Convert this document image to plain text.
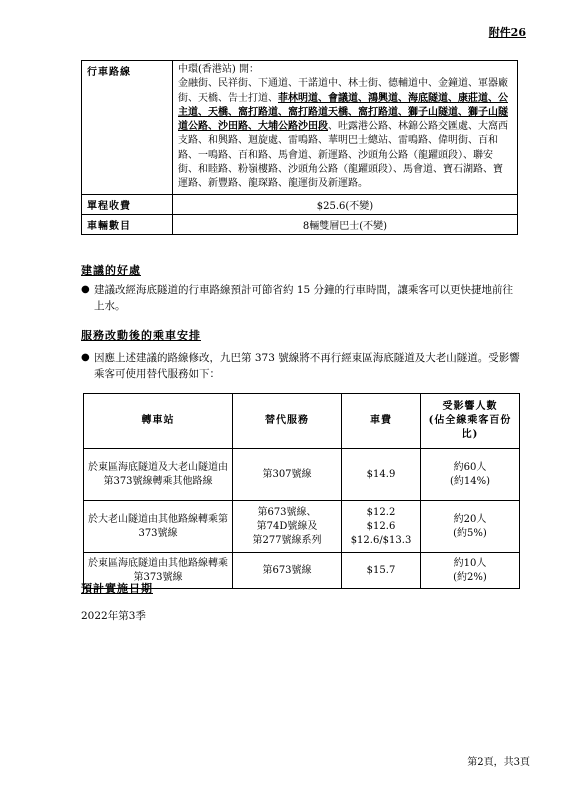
附件26
行車路線	中環(香港站) 開：
金融街、民祥街、下通道、干諾道中、林士街、德輔道中、金鐘道、軍器廠街、天橋、告士打道、菲林明道、會議道、鴻興道、海底隧道、康莊道、公主道、天橋、窩打路道、窩打路道天橋、窩打路道、獅子山隧道、獅子山隧道公路、沙田路、大埔公路沙田段、吐露港公路、林錦公路交匯處、大窩西支路、和興路、迴旋處、雷鳴路、華明巴士總站、雷鳴路、偉明街、百和路、一鳴路、百和路、馬會道、新運路、沙頭角公路（龍躍頭段）、聯安街、和睦路、粉嶺樓路、沙頭角公路（龍躍頭段）、馬會道、寶石湖路、寶運路、新豐路、龍琛路、龍運街及新運路。
單程收費	$25.6(不變)
車輛數目	8輛雙層巴士(不變)
建議的好處
● 建議改經海底隧道的行車路線預計可節省約 15 分鐘的行車時間，讓乘客可以更快捷地前往上水。
服務改動後的乘車安排
● 因應上述建議的路線修改，九巴第 373 號線將不再行經東區海底隧道及大老山隧道。受影響乘客可使用替代服務如下：
轉車站	替代服務	車費	受影響人數
(佔全線乘客百份比)
於東區海底隧道及大老山隧道由第373號線轉乘其他路線	第307號線	$14.9	約60人
(約14%)
於大老山隧道由其他路線轉乘第373號線	第673號線、
第74D號線及
第277號線系列	$12.2
$12.6
$12.6/$13.3	約20人
(約5%)
於東區海底隧道由其他路線轉乘第373號線	第673號線	$15.7	約10人
(約2%)
預計實施日期
2022年第3季
第2頁，共3頁
